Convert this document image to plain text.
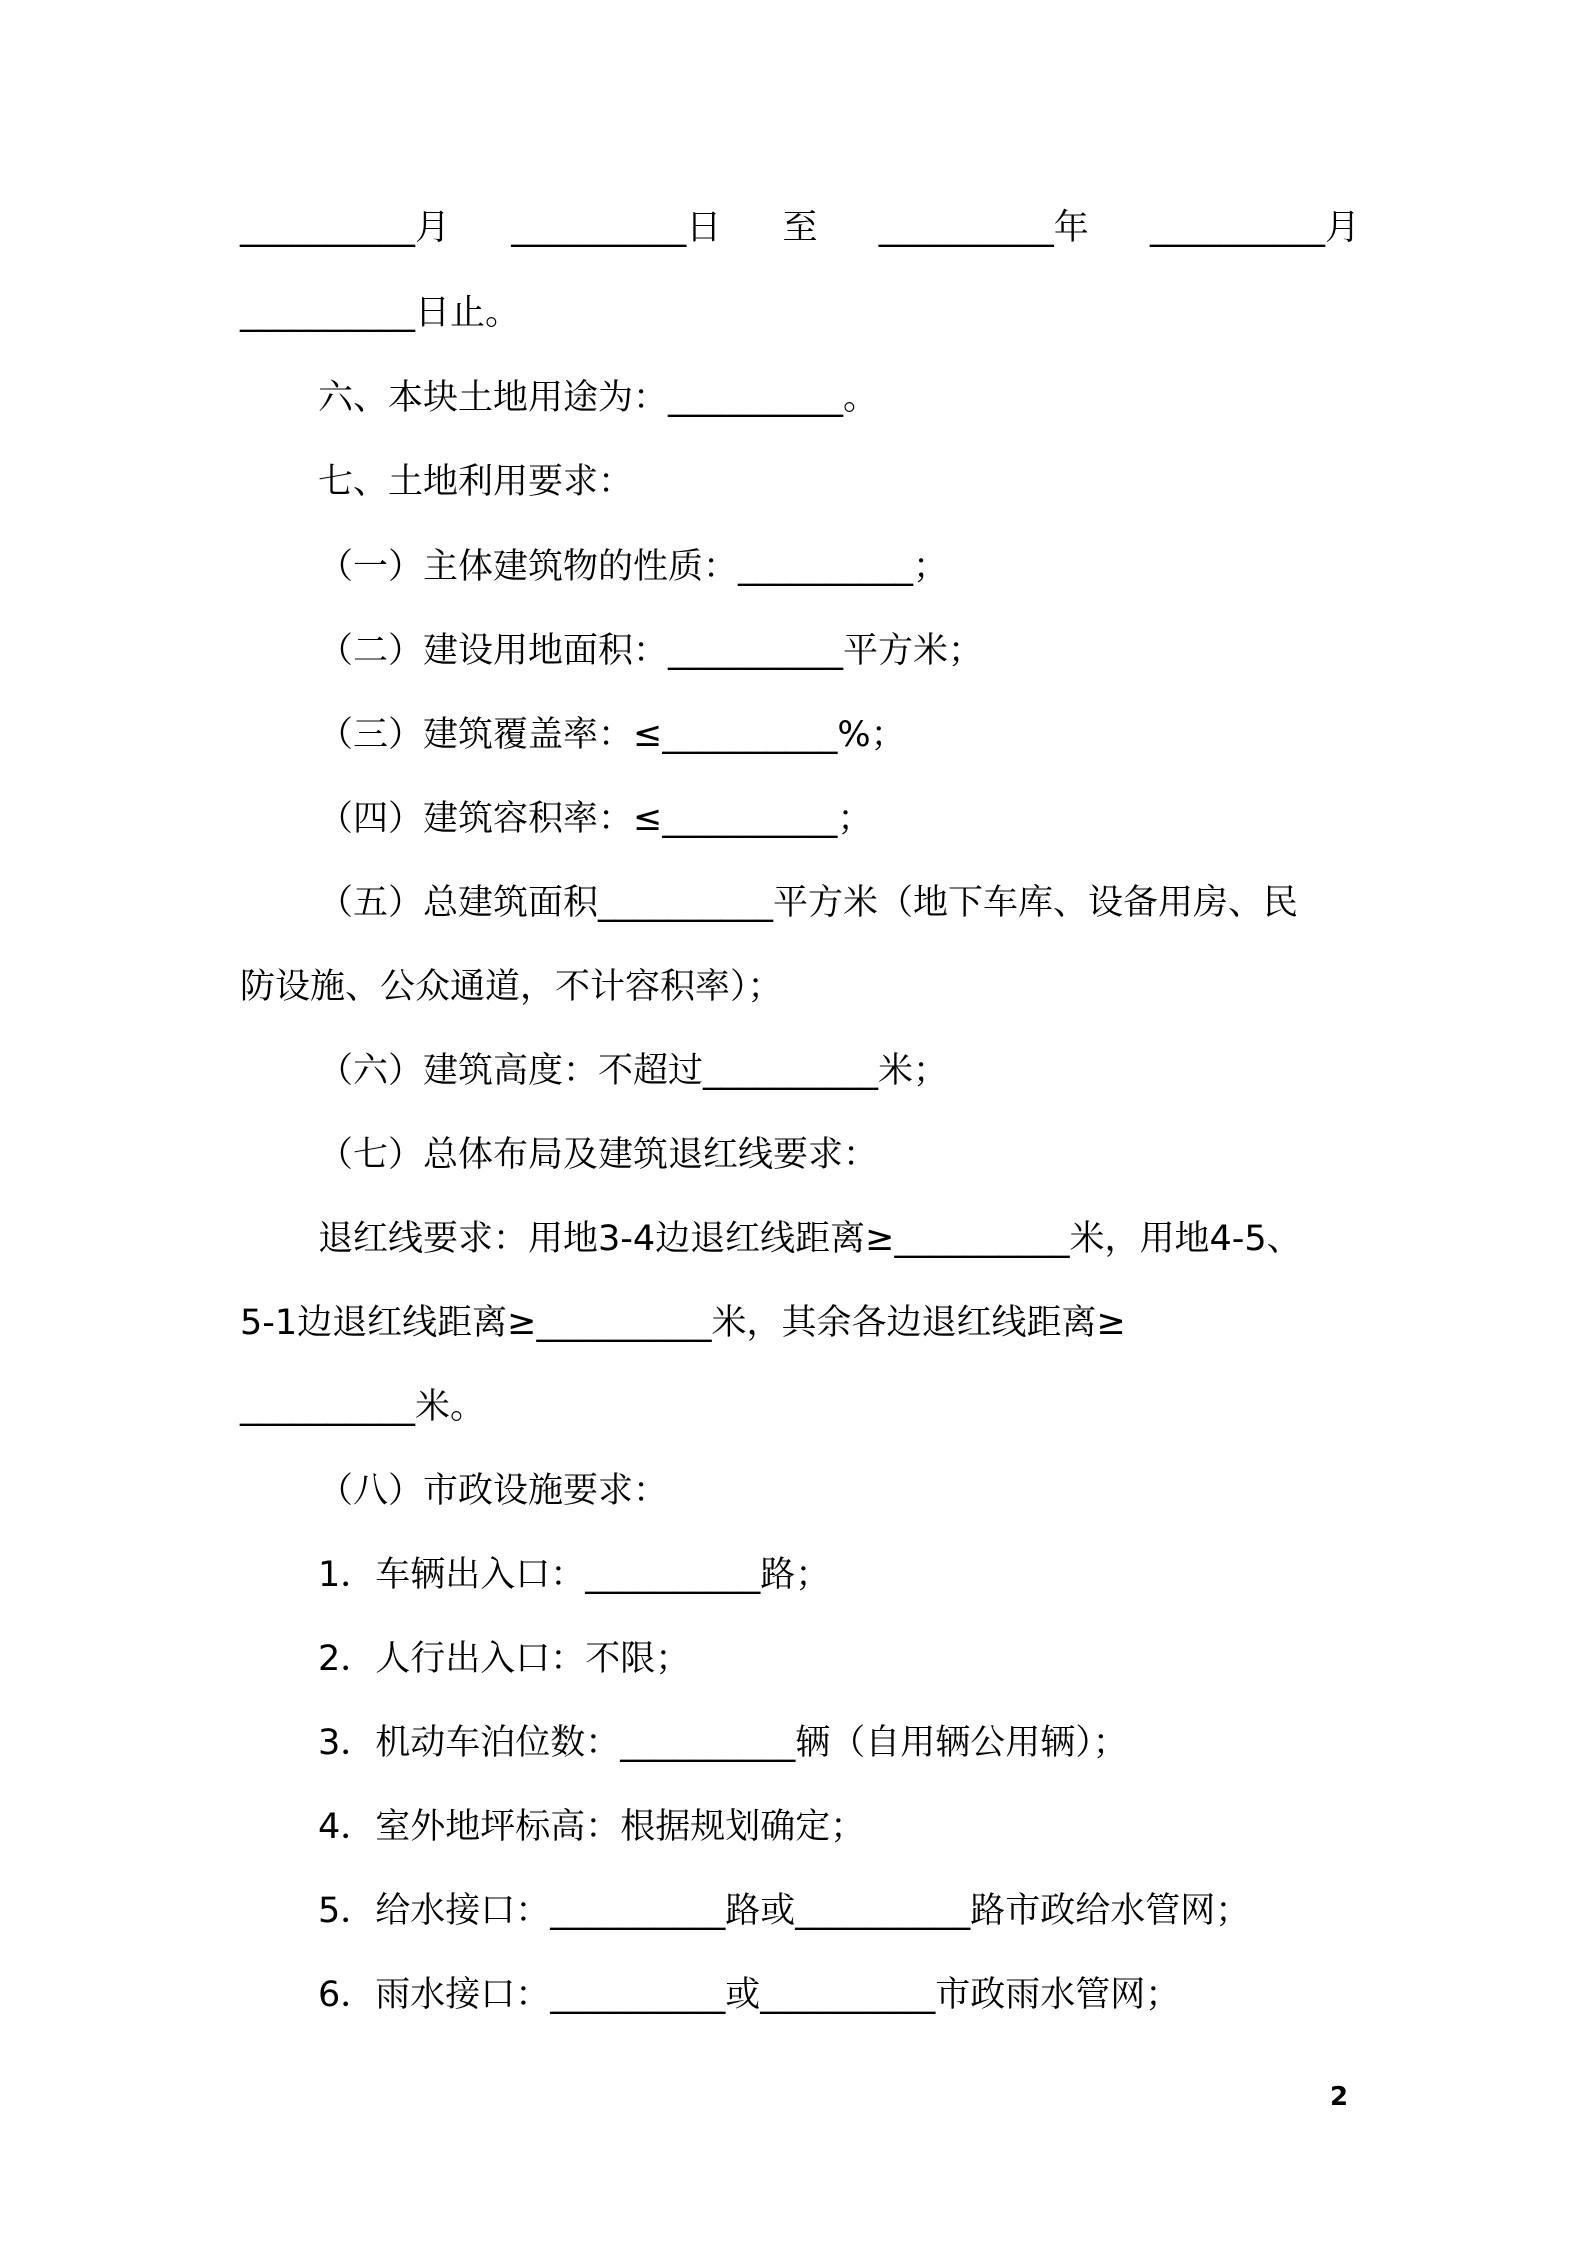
__________月 __________日 至 __________年 __________月
__________日止。
六、本块土地用途为：__________。
七、土地利用要求：
（一）主体建筑物的性质：__________；
（二）建设用地面积：__________平方米；
（三）建筑覆盖率：≤__________%；
（四）建筑容积率：≤__________；
（五）总建筑面积__________平方米（地下车库、设备用房、民
防设施、公众通道，不计容积率）；
（六）建筑高度：不超过__________米；
（七）总体布局及建筑退红线要求：
退红线要求：用地3-4边退红线距离≥__________米，用地4-5、
5-1边退红线距离≥__________米，其余各边退红线距离≥
__________米。
（八）市政设施要求：
1．车辆出入口：__________路；
2．人行出入口：不限；
3．机动车泊位数：__________辆（自用辆公用辆）；
4．室外地坪标高：根据规划确定；
5．给水接口：__________路或__________路市政给水管网；
6．雨水接口：__________或__________市政雨水管网；
2
